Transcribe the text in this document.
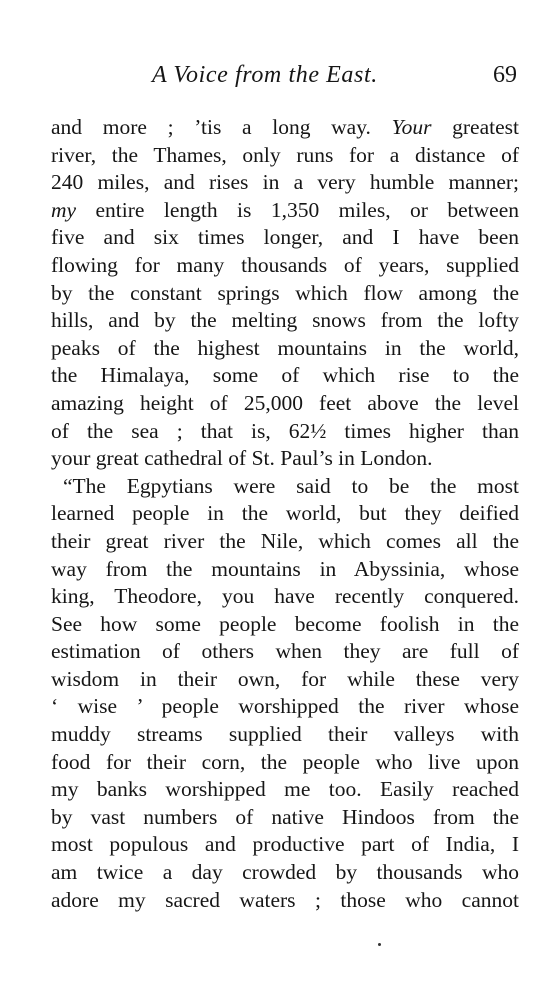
A Voice from the East.	69
and more ; ’tis a long way. Your greatest
river, the Thames, only runs for a distance of
240 miles, and rises in a very humble manner;
my entire length is 1,350 miles, or between
five and six times longer, and I have been
flowing for many thousands of years, supplied
by the constant springs which flow among the
hills, and by the melting snows from the lofty
peaks of the highest mountains in the world,
the Himalaya, some of which rise to the
amazing height of 25,000 feet above the level
of the sea ; that is, 62½ times higher than
your great cathedral of St. Paul’s in London.
“The Egpytians were said to be the most
learned people in the world, but they deified
their great river the Nile, which comes all the
way from the mountains in Abyssinia, whose
king, Theodore, you have recently conquered.
See how some people become foolish in the
estimation of others when they are full of
wisdom in their own, for while these very
‘ wise ’ people worshipped the river whose
muddy streams supplied their valleys with
food for their corn, the people who live upon
my banks worshipped me too. Easily reached
by vast numbers of native Hindoos from the
most populous and productive part of India, I
am twice a day crowded by thousands who
adore my sacred waters ; those who cannot
